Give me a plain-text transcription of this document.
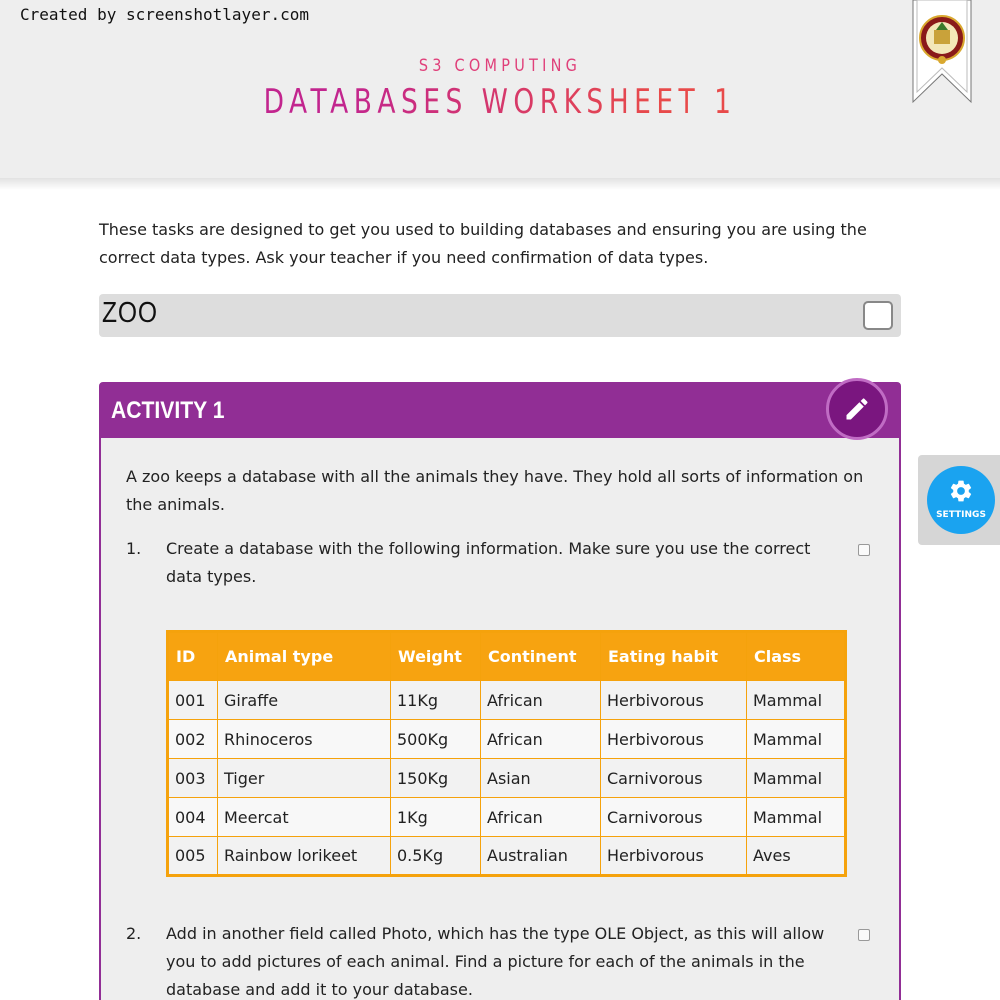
Created by screenshotlayer.com
S3 COMPUTING
DATABASES WORKSHEET 1

These tasks are designed to get you used to building databases and ensuring you are using the correct data types. Ask your teacher if you need confirmation of data types.

ZOO
ACTIVITY 1

A zoo keeps a database with all the animals they have. They hold all sorts of information on the animals.

1. Create a database with the following information. Make sure you use the correct data types.
ID	Animal type	Weight	Continent	Eating habit	Class
001	Giraffe	11Kg	African	Herbivorous	Mammal
002	Rhinoceros	500Kg	African	Herbivorous	Mammal
003	Tiger	150Kg	Asian	Carnivorous	Mammal
004	Meercat	1Kg	African	Carnivorous	Mammal
005	Rainbow lorikeet	0.5Kg	Australian	Herbivorous	Aves
2. Add in another field called Photo, which has the type OLE Object, as this will allow you to add pictures of each animal. Find a picture for each of the animals in the database and add it to your database.
SETTINGS
